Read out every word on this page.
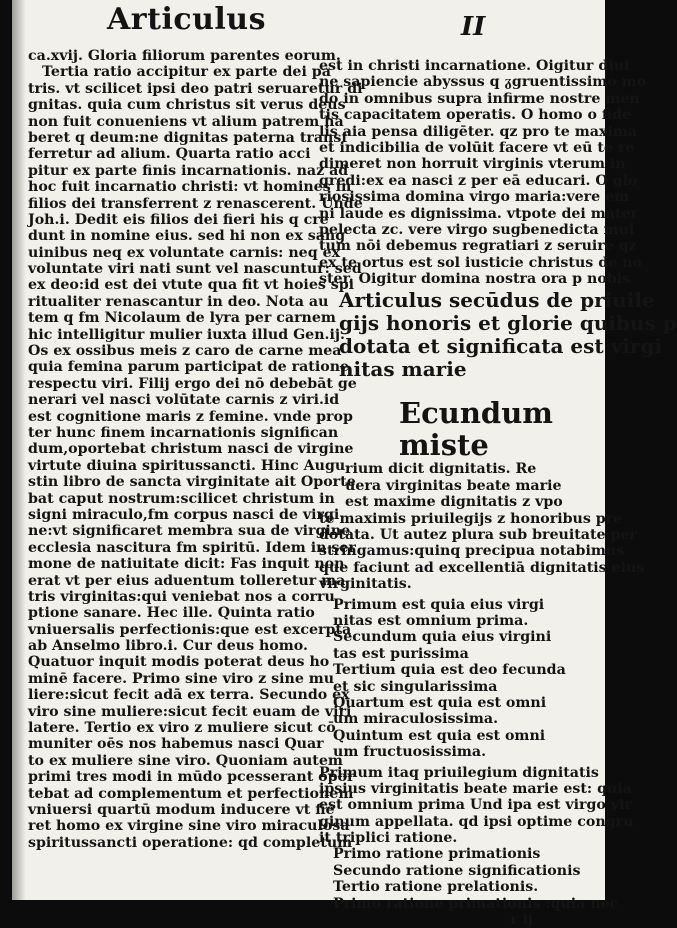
Articulus	II
ca.xvij. Gloria filiorum parentes eorum.
Tertia ratio accipitur ex parte dei pa
tris. vt scilicet ipsi deo patri seruaretur di
gnitas. quia cum christus sit verus deus
non fuit conueniens vt alium patrem ha
beret q deum:ne dignitas paterna transf
ferretur ad alium. Quarta ratio acci
pitur ex parte finis incarnationis. naz ad
hoc fuit incarnatio christi: vt homines in
filios dei transferrent z renascerent. Unde
Joh.i. Dedit eis filios dei fieri his q cre
dunt in nomine eius. sed hi non ex sang
uinibus neq ex voluntate carnis: neq ex
voluntate viri nati sunt vel nascuntur: sed
ex deo:id est dei vtute qua fit vt hoies spi
ritualiter renascantur in deo. Nota au
tem q fm Nicolaum de lyra per carnem
hic intelligitur mulier iuxta illud Gen.ij.
Os ex ossibus meis z caro de carne mea
quia femina parum participat de ratione
respectu viri. Filij ergo dei nō debebāt ge
nerari vel nasci volūtate carnis z viri.id
est cognitione maris z femine. vnde prop
ter hunc finem incarnationis significan
dum,oportebat christum nasci de virgine
virtute diuina spiritussancti. Hinc Augu
stin libro de sancta virginitate ait Oporte
bat caput nostrum:scilicet christum in
signi miraculo,fm corpus nasci de virgi
ne:vt significaret membra sua de virgine
ecclesia nascitura fm spiritū. Idem in ser
mone de natiuitate dicit: Fas inquit non
erat vt per eius aduentum tolleretur ma
tris virginitas:qui veniebat nos a corru
ptione sanare. Hec ille. Quinta ratio
vniuersalis perfectionis:que est excerpta
ab Anselmo libro.i. Cur deus homo.
Quatuor inquit modis poterat deus ho
minē facere. Primo sine viro z sine mu
liere:sicut fecit adā ex terra. Secundo ex
viro sine muliere:sicut fecit euam de viri
latere. Tertio ex viro z muliere sicut cō
muniter oēs nos habemus nasci Quar
to ex muliere sine viro. Quoniam autem
primi tres modi in mūdo pcesserant opor
tebat ad complementum et perfectionem
vniuersi quartū modum inducere vt fie
ret homo ex virgine sine viro miraculosa
spiritussancti operatione: qd completum
est in christi incarnatione. Oigitur diui
ne sapiencie abyssus q ᵹgruentissimo mo
do in omnibus supra infirme nostre men
tis capacitatem operatis. O homo o fide
lis aia pensa diligēter. qz pro te maxima
et indicibilia de volūit facere vt eū te re
dimeret non horruit virginis vterum in
gredi:ex ea nasci z per eā educari. O glo
riosissima domina virgo maria:vere em
ni laude es dignissima. vtpote dei mater
pelecta zc. vere virgo sugbenedicta mul
tum nōi debemus regratiari z seruire qz
ex te ortus est sol iusticie christus de no
ster. Oigitur domina nostra ora p nobis
Articulus secūdus de priuile
gijs honoris et glorie quibus p
dotata et significata est virgi
nitas marie
Ecundum miste
rium dicit dignitatis. Re
uera virginitas beate marie
est maxime dignitatis z vpo
te maximis priuilegijs z honoribus pre
dotata. Ut autez plura sub breuitate per
stringamus:quinq precipua notabimus
que faciunt ad excellentiā dignitatis eius
virginitatis.
Primum est quia eius virgi
nitas est omnium prima.
Secundum quia eius virgini
tas est purissima
Tertium quia est deo fecunda
et sic singularissima
Quartum est quia est omni
um miraculosissima.
Quintum est quia est omni
um fructuosissima.
Primum itaq priuilegium dignitatis
ipsius virginitatis beate marie est: quia
est omnium prima Und ipa est virgo vir
ginum appellata. qd ipsi optime congru
it triplici ratione.
Primo ratione primationis
Secundo ratione significationis
Tertio ratione prelationis.
Primo ratione primationis :quia nec
r ij
